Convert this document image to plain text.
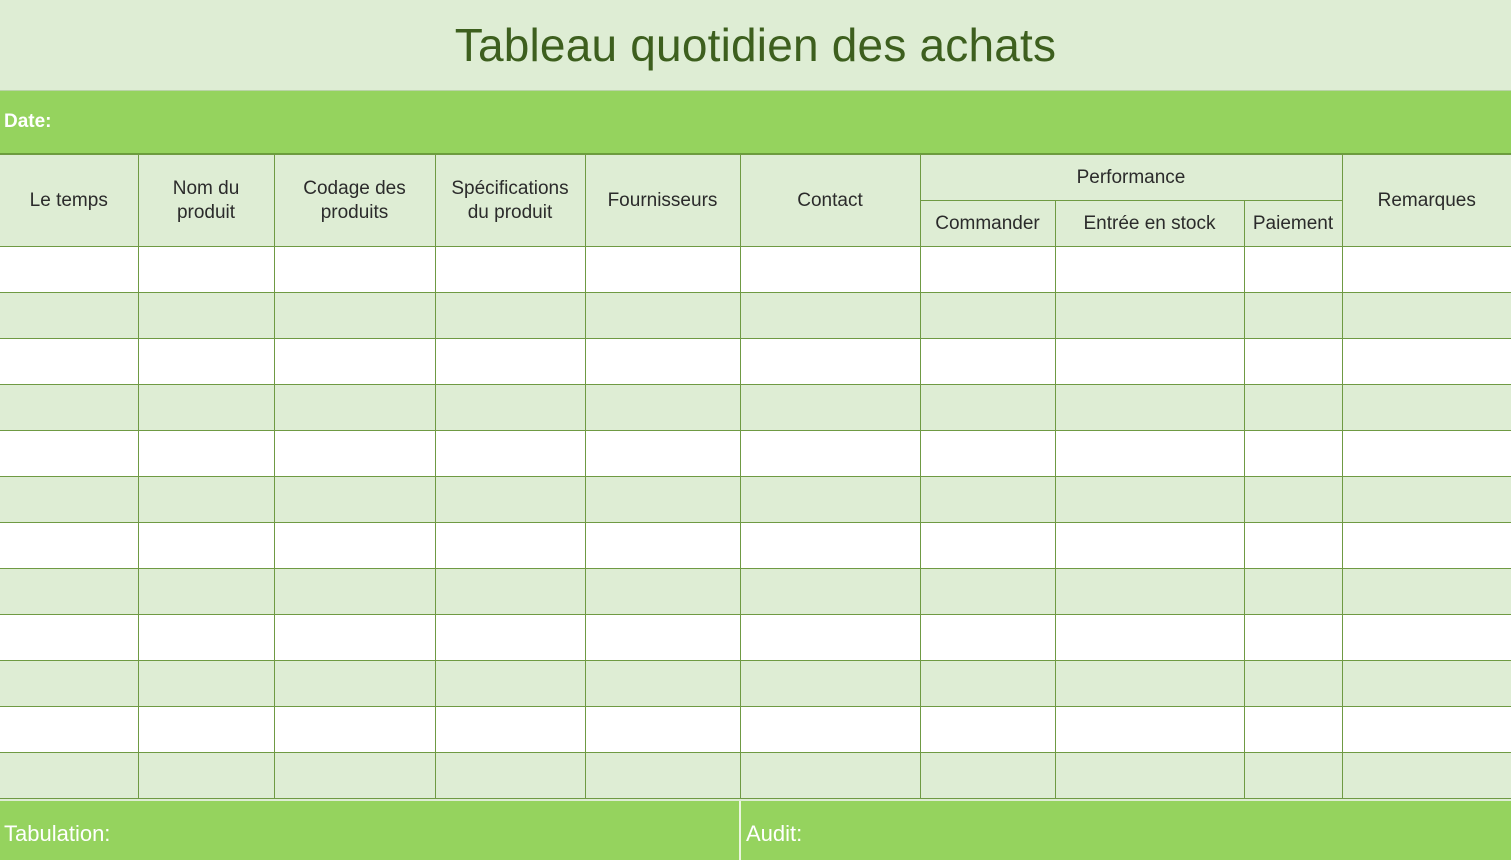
Tableau quotidien des achats
Date:
Le temps	Nom du produit	Codage des produits	Spécifications du produit	Fournisseurs	Contact	Performance			Remarques
						Commander	Entrée en stock	Paiement	

Tabulation:	Audit:
